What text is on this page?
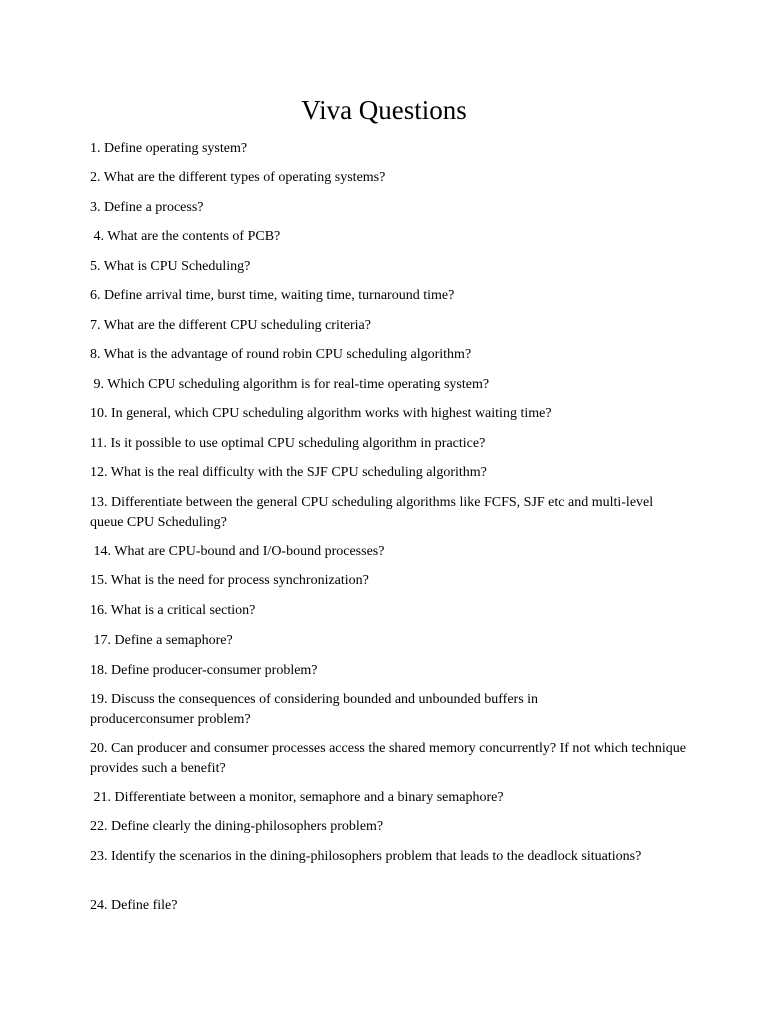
Viva Questions

1. Define operating system?

2. What are the different types of operating systems?

3. Define a process?

4. What are the contents of PCB?

5. What is CPU Scheduling?

6. Define arrival time, burst time, waiting time, turnaround time?

7. What are the different CPU scheduling criteria?

8. What is the advantage of round robin CPU scheduling algorithm?

9. Which CPU scheduling algorithm is for real-time operating system?

10. In general, which CPU scheduling algorithm works with highest waiting time?

11. Is it possible to use optimal CPU scheduling algorithm in practice?

12. What is the real difficulty with the SJF CPU scheduling algorithm?

13. Differentiate between the general CPU scheduling algorithms like FCFS, SJF etc and multi-level queue CPU Scheduling?

14. What are CPU-bound and I/O-bound processes?

15. What is the need for process synchronization?

16. What is a critical section?

17. Define a semaphore?

18. Define producer-consumer problem?

19. Discuss the consequences of considering bounded and unbounded buffers in producerconsumer problem?

20. Can producer and consumer processes access the shared memory concurrently? If not which technique provides such a benefit?

21. Differentiate between a monitor, semaphore and a binary semaphore?

22. Define clearly the dining-philosophers problem?

23. Identify the scenarios in the dining-philosophers problem that leads to the deadlock situations?

24. Define file?
